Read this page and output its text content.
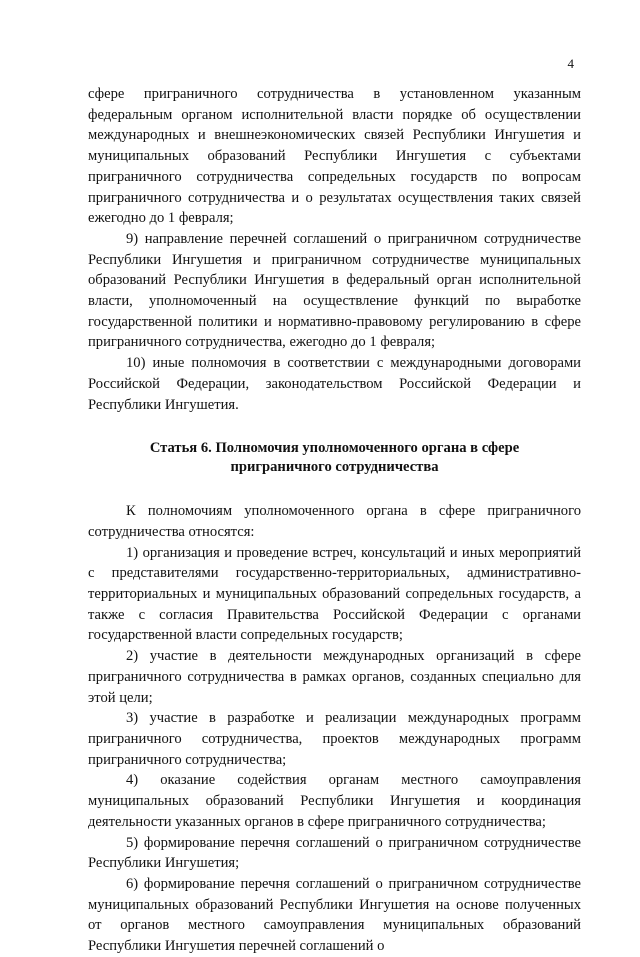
4

сфере приграничного сотрудничества в установленном указанным федеральным органом исполнительной власти порядке об осуществлении международных и внешнеэкономических связей Республики Ингушетия и муниципальных образований Республики Ингушетия с субъектами приграничного сотрудничества сопредельных государств по вопросам приграничного сотрудничества и о результатах осуществления таких связей ежегодно до 1 февраля;

9) направление перечней соглашений о приграничном сотрудничестве Республики Ингушетия и приграничном сотрудничестве муниципальных образований Республики Ингушетия в федеральный орган исполнительной власти, уполномоченный на осуществление функций по выработке государственной политики и нормативно-правовому регулированию в сфере приграничного сотрудничества, ежегодно до 1 февраля;

10) иные полномочия в соответствии с международными договорами Российской Федерации, законодательством Российской Федерации и Республики Ингушетия.

Статья 6. Полномочия уполномоченного органа в сфере приграничного сотрудничества

К полномочиям уполномоченного органа в сфере приграничного сотрудничества относятся:

1) организация и проведение встреч, консультаций и иных мероприятий с представителями государственно-территориальных, административно-территориальных и муниципальных образований сопредельных государств, а также с согласия Правительства Российской Федерации с органами государственной власти сопредельных государств;

2) участие в деятельности международных организаций в сфере приграничного сотрудничества в рамках органов, созданных специально для этой цели;

3) участие в разработке и реализации международных программ приграничного сотрудничества, проектов международных программ приграничного сотрудничества;

4) оказание содействия органам местного самоуправления муниципальных образований Республики Ингушетия и координация деятельности указанных органов в сфере приграничного сотрудничества;

5) формирование перечня соглашений о приграничном сотрудничестве Республики Ингушетия;

6) формирование перечня соглашений о приграничном сотрудничестве муниципальных образований Республики Ингушетия на основе полученных от органов местного самоуправления муниципальных образований Республики Ингушетия перечней соглашений о
